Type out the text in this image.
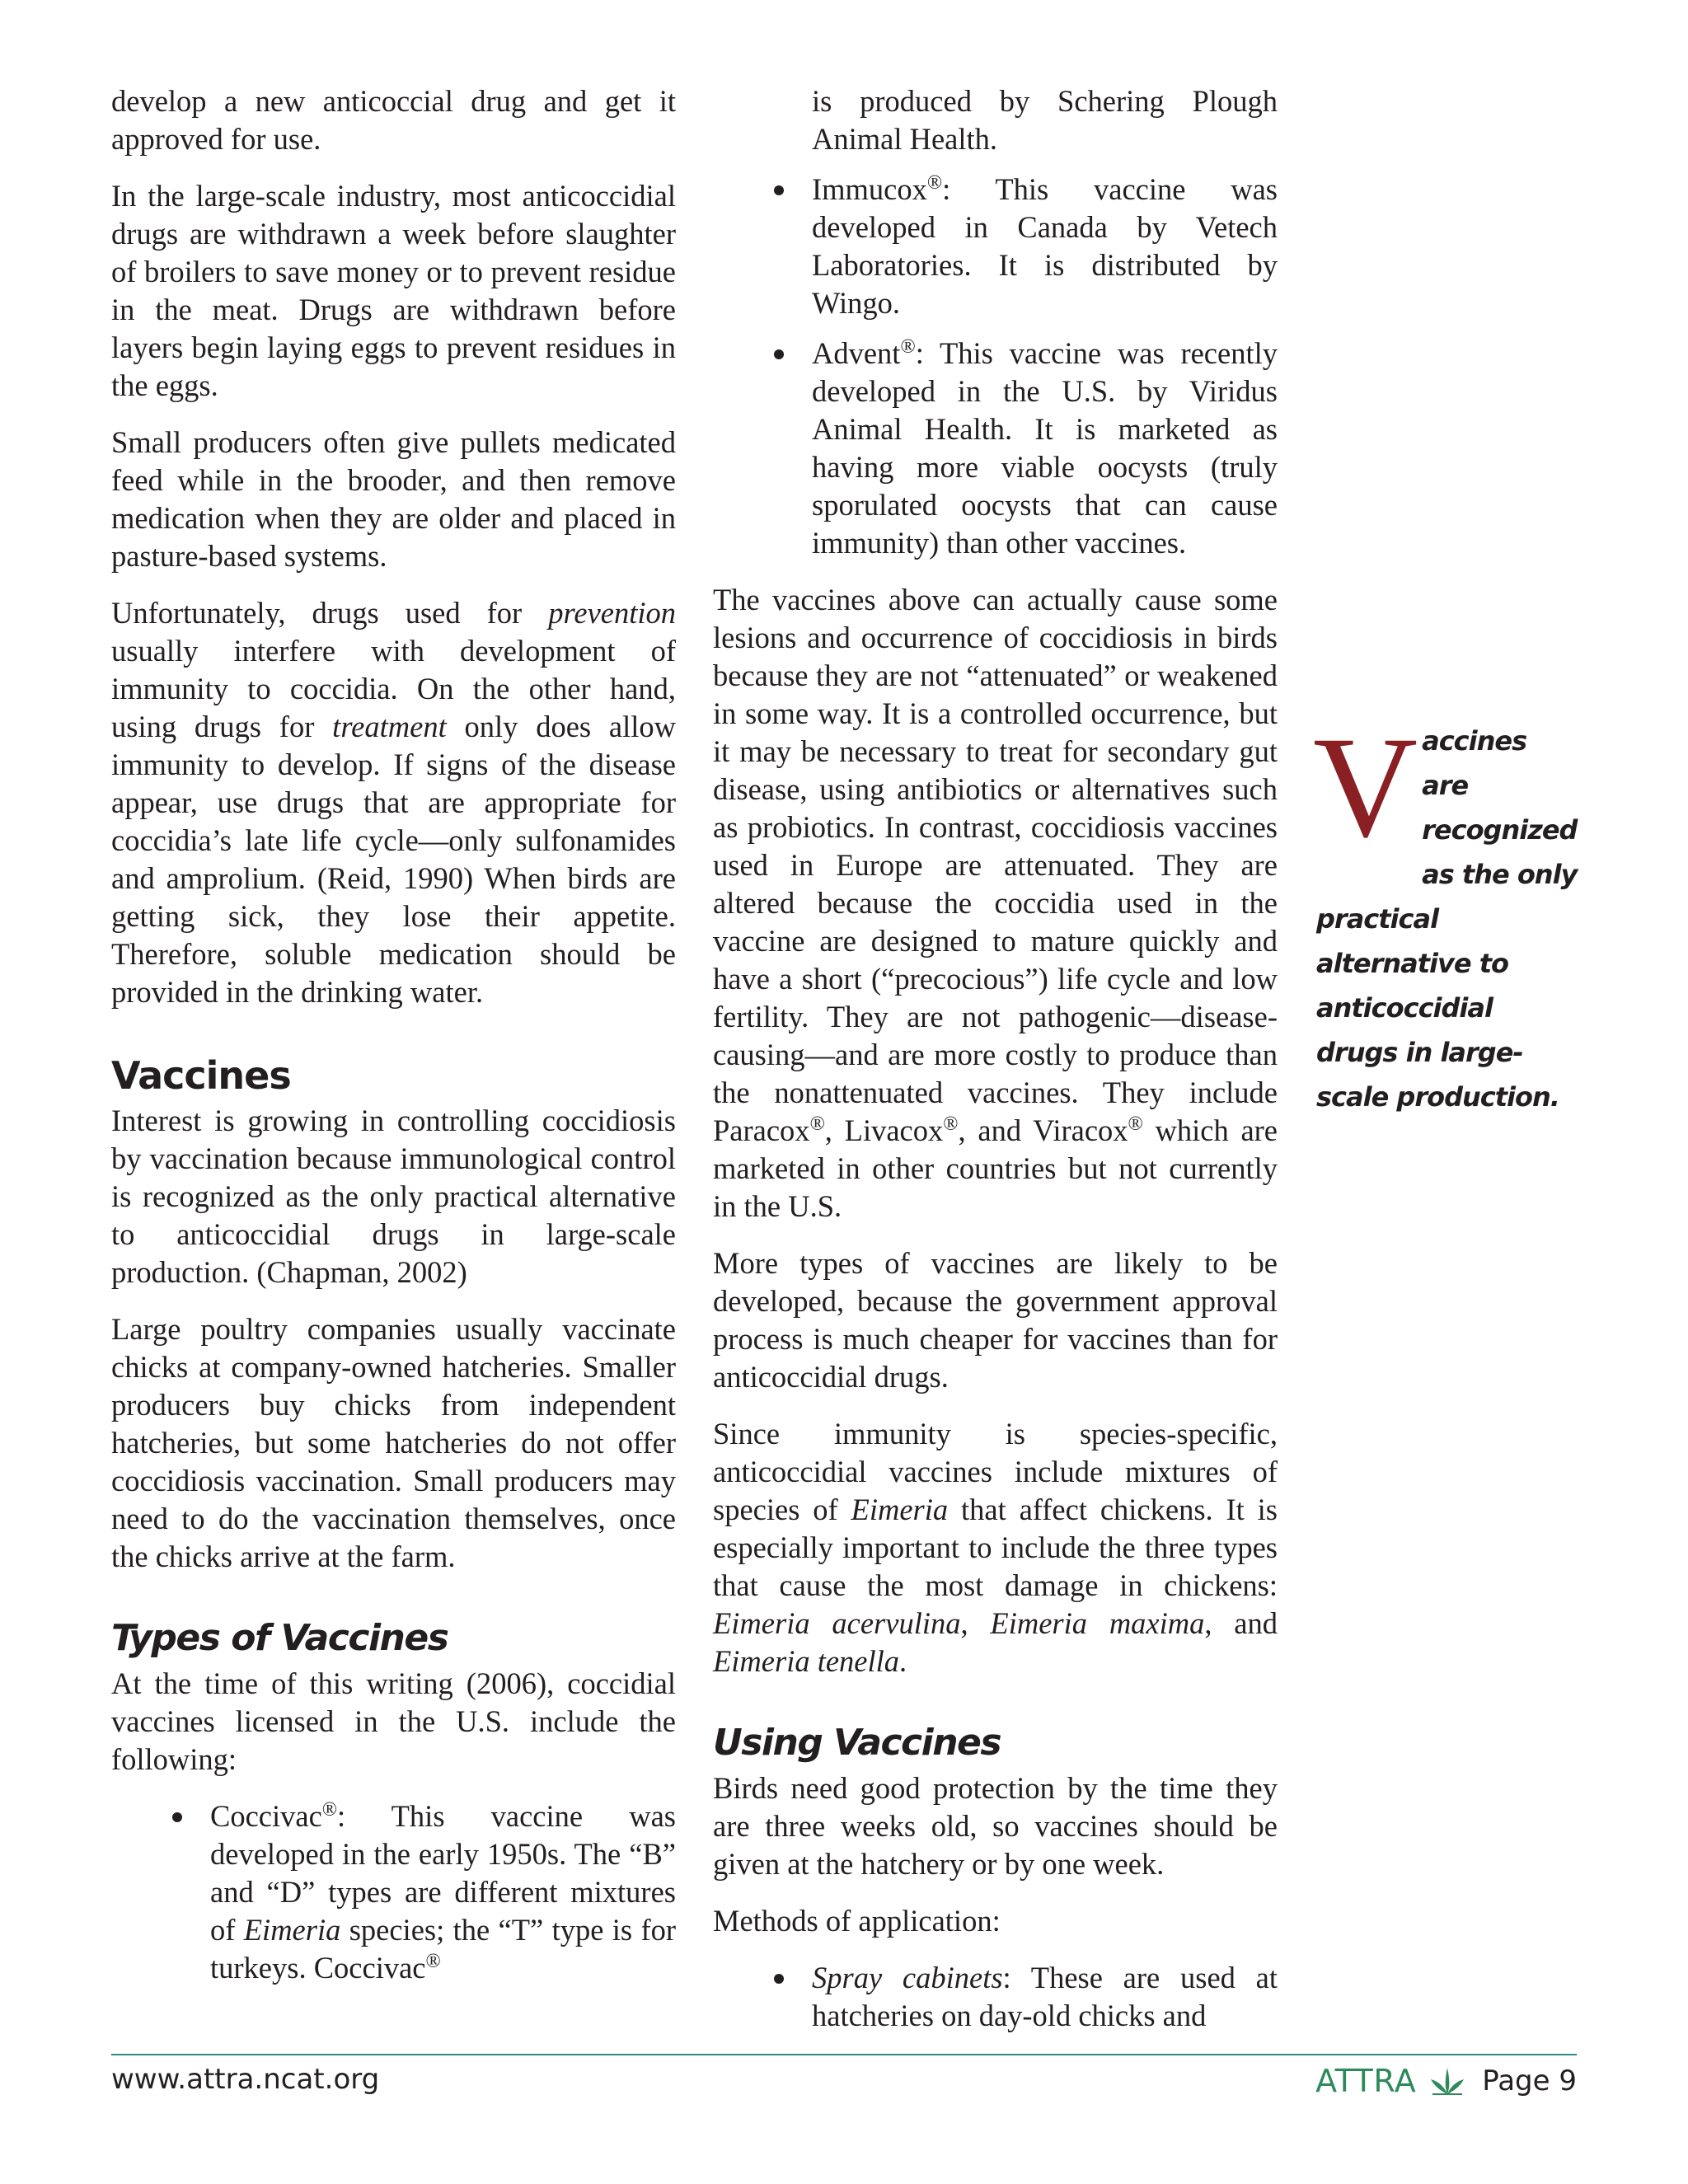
develop a new anticoccial drug and get it approved for use.

In the large-scale industry, most anticoccidial drugs are withdrawn a week before slaughter of broilers to save money or to prevent residue in the meat. Drugs are withdrawn before layers begin laying eggs to prevent residues in the eggs.

Small producers often give pullets medicated feed while in the brooder, and then remove medication when they are older and placed in pasture-based systems.

Unfortunately, drugs used for prevention usually interfere with development of immunity to coccidia. On the other hand, using drugs for treatment only does allow immunity to develop. If signs of the disease appear, use drugs that are appropriate for coccidia’s late life cycle—only sulfonamides and amprolium. (Reid, 1990) When birds are getting sick, they lose their appetite. Therefore, soluble medication should be provided in the drinking water.

Vaccines

Interest is growing in controlling coccidiosis by vaccination because immunological control is recognized as the only practical alternative to anticoccidial drugs in large-scale production. (Chapman, 2002)

Large poultry companies usually vaccinate chicks at company-owned hatcheries. Smaller producers buy chicks from independent hatcheries, but some hatcheries do not offer coccidiosis vaccination. Small producers may need to do the vaccination themselves, once the chicks arrive at the farm.

Types of Vaccines

At the time of this writing (2006), coccidial vaccines licensed in the U.S. include the following:

Coccivac®: This vaccine was developed in the early 1950s. The “B” and “D” types are different mixtures of Eimeria species; the “T” type is for turkeys. Coccivac®
is produced by Schering Plough Animal Health.
Immucox®: This vaccine was developed in Canada by Vetech Laboratories. It is distributed by Wingo.
Advent®: This vaccine was recently developed in the U.S. by Viridus Animal Health. It is marketed as having more viable oocysts (truly sporulated oocysts that can cause immunity) than other vaccines.

The vaccines above can actually cause some lesions and occurrence of coccidiosis in birds because they are not “attenuated” or weakened in some way. It is a controlled occurrence, but it may be necessary to treat for secondary gut disease, using antibiotics or alternatives such as probiotics. In contrast, coccidiosis vaccines used in Europe are attenuated. They are altered because the coccidia used in the vaccine are designed to mature quickly and have a short (“precocious”) life cycle and low fertility. They are not pathogenic—disease-causing—and are more costly to produce than the nonattenuated vaccines. They include Paracox®, Livacox®, and Viracox® which are marketed in other countries but not currently in the U.S.

More types of vaccines are likely to be developed, because the government approval process is much cheaper for vaccines than for anticoccidial drugs.

Since immunity is species-specific, anticoccidial vaccines include mixtures of species of Eimeria that affect chickens. It is especially important to include the three types that cause the most damage in chickens: Eimeria acervulina, Eimeria maxima, and Eimeria tenella.

Using Vaccines

Birds need good protection by the time they are three weeks old, so vaccines should be given at the hatchery or by one week.

Methods of application:

Spray cabinets: These are used at hatcheries on day-old chicks and
Vaccines are recognized as the only practical alternative to anticoccidial drugs in large-scale production.
www.attra.ncat.org	ATTRA Page 9
